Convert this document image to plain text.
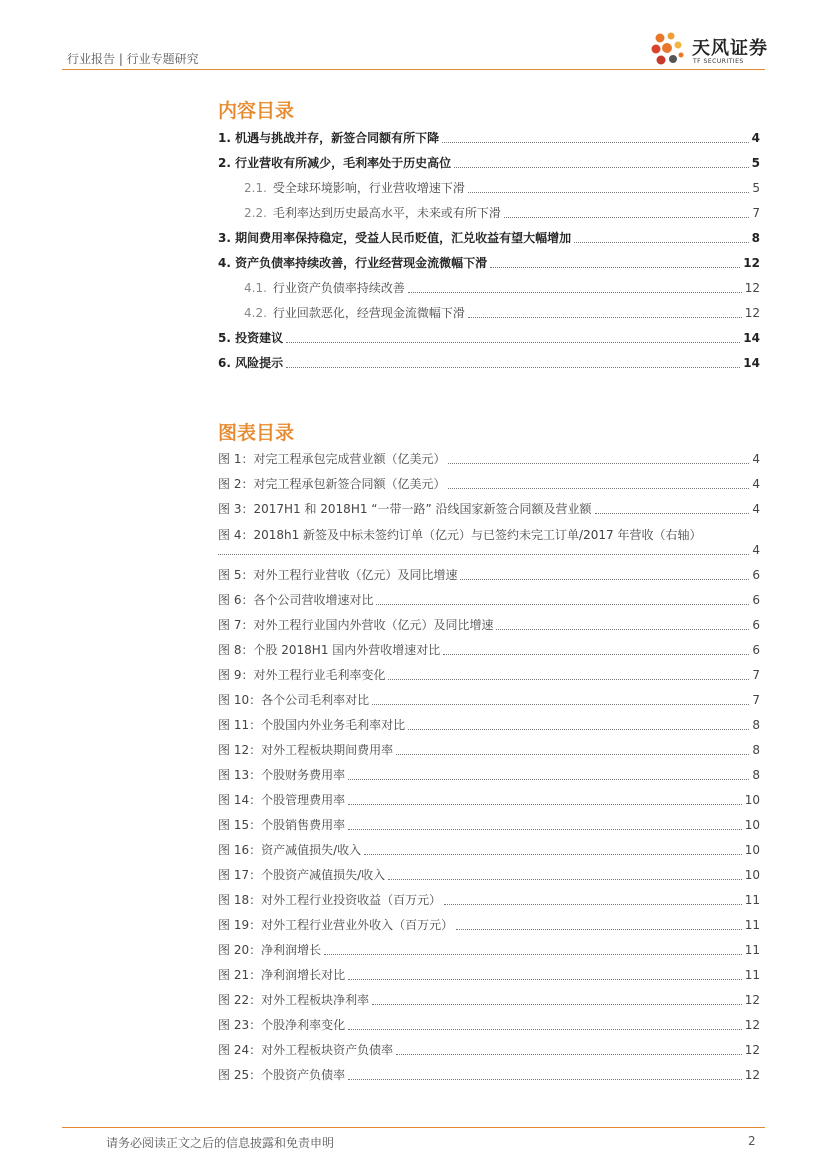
行业报告 | 行业专题研究	天风证券
TF SECURITIES
内容目录
1. 机遇与挑战并存，新签合同额有所下降	4
2. 行业营收有所减少，毛利率处于历史高位	5
2.1. 受全球环境影响，行业营收增速下滑	5
2.2. 毛利率达到历史最高水平，未来或有所下滑	7
3. 期间费用率保持稳定，受益人民币贬值，汇兑收益有望大幅增加	8
4. 资产负债率持续改善，行业经营现金流微幅下滑	12
4.1. 行业资产负债率持续改善	12
4.2. 行业回款恶化，经营现金流微幅下滑	12
5. 投资建议	14
6. 风险提示	14
图表目录
图 1：对完工程承包完成营业额（亿美元）	4
图 2：对完工程承包新签合同额（亿美元）	4
图 3：2017H1 和 2018H1 “一带一路” 沿线国家新签合同额及营业额	4
图 4：2018h1 新签及中标未签约订单（亿元）与已签约未完工订单/2017 年营收（右轴）
4
图 5：对外工程行业营收（亿元）及同比增速	6
图 6：各个公司营收增速对比	6
图 7：对外工程行业国内外营收（亿元）及同比增速	6
图 8：个股 2018H1 国内外营收增速对比	6
图 9：对外工程行业毛利率变化	7
图 10：各个公司毛利率对比	7
图 11：个股国内外业务毛利率对比	8
图 12：对外工程板块期间费用率	8
图 13：个股财务费用率	8
图 14：个股管理费用率	10
图 15：个股销售费用率	10
图 16：资产减值损失/收入	10
图 17：个股资产减值损失/收入	10
图 18：对外工程行业投资收益（百万元）	11
图 19：对外工程行业营业外收入（百万元）	11
图 20：净利润增长	11
图 21：净利润增长对比	11
图 22：对外工程板块净利率	12
图 23：个股净利率变化	12
图 24：对外工程板块资产负债率	12
图 25：个股资产负债率	12
请务必阅读正文之后的信息披露和免责申明	2
